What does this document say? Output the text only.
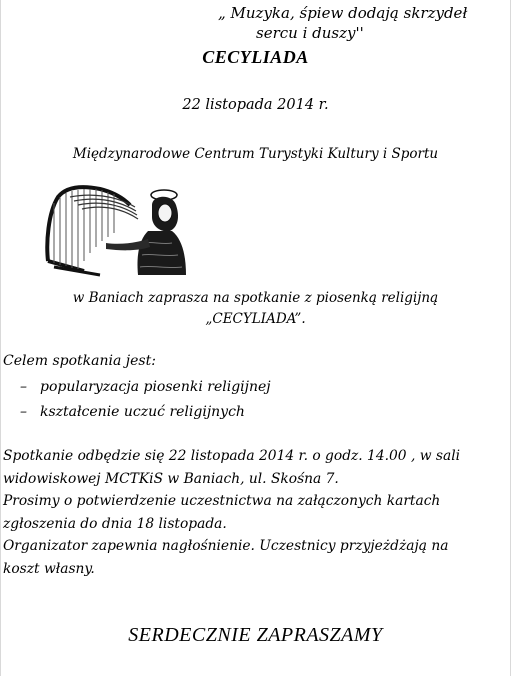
„ Muzyka, śpiew dodają skrzydeł
sercu i duszy''

CECYLIADA

22 listopada 2014 r.

Międzynarodowe Centrum Turystyki Kultury i Sportu

w Baniach zaprasza na spotkanie z piosenką religijną
„CECYLIADA”.

Celem spotkania jest:

– popularyzacja piosenki religijnej
– kształcenie uczuć religijnych

Spotkanie odbędzie się 22 listopada 2014 r. o godz. 14.00 , w sali
widowiskowej MCTKiS w Baniach, ul. Skośna 7.
Prosimy o potwierdzenie uczestnictwa na załączonych kartach
zgłoszenia do dnia 18 listopada.
Organizator zapewnia nagłośnienie. Uczestnicy przyjeżdżają na
koszt własny.

SERDECZNIE ZAPRASZAMY
